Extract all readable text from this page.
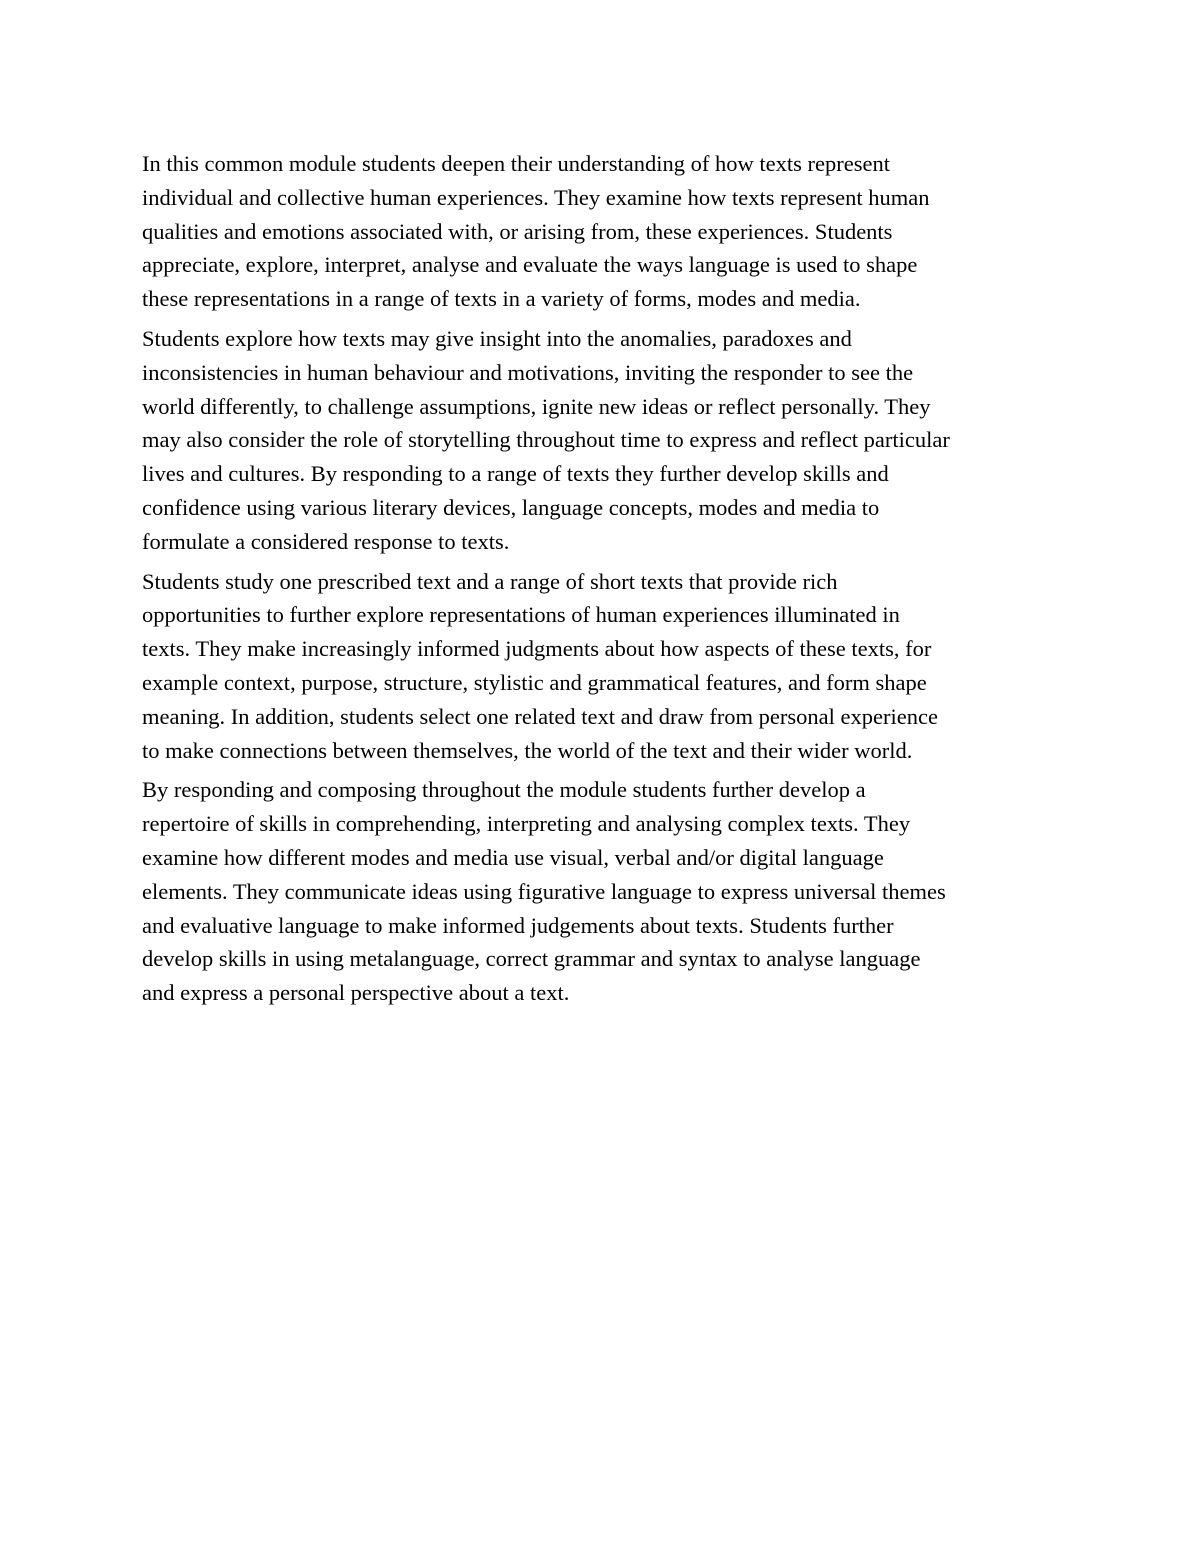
In this common module students deepen their understanding of how texts represent
individual and collective human experiences. They examine how texts represent human
qualities and emotions associated with, or arising from, these experiences. Students
appreciate, explore, interpret, analyse and evaluate the ways language is used to shape
these representations in a range of texts in a variety of forms, modes and media.

Students explore how texts may give insight into the anomalies, paradoxes and
inconsistencies in human behaviour and motivations, inviting the responder to see the
world differently, to challenge assumptions, ignite new ideas or reflect personally. They
may also consider the role of storytelling throughout time to express and reflect particular
lives and cultures. By responding to a range of texts they further develop skills and
confidence using various literary devices, language concepts, modes and media to
formulate a considered response to texts.

Students study one prescribed text and a range of short texts that provide rich
opportunities to further explore representations of human experiences illuminated in
texts. They make increasingly informed judgments about how aspects of these texts, for
example context, purpose, structure, stylistic and grammatical features, and form shape
meaning. In addition, students select one related text and draw from personal experience
to make connections between themselves, the world of the text and their wider world.

By responding and composing throughout the module students further develop a
repertoire of skills in comprehending, interpreting and analysing complex texts. They
examine how different modes and media use visual, verbal and/or digital language
elements. They communicate ideas using figurative language to express universal themes
and evaluative language to make informed judgements about texts. Students further
develop skills in using metalanguage, correct grammar and syntax to analyse language
and express a personal perspective about a text.
